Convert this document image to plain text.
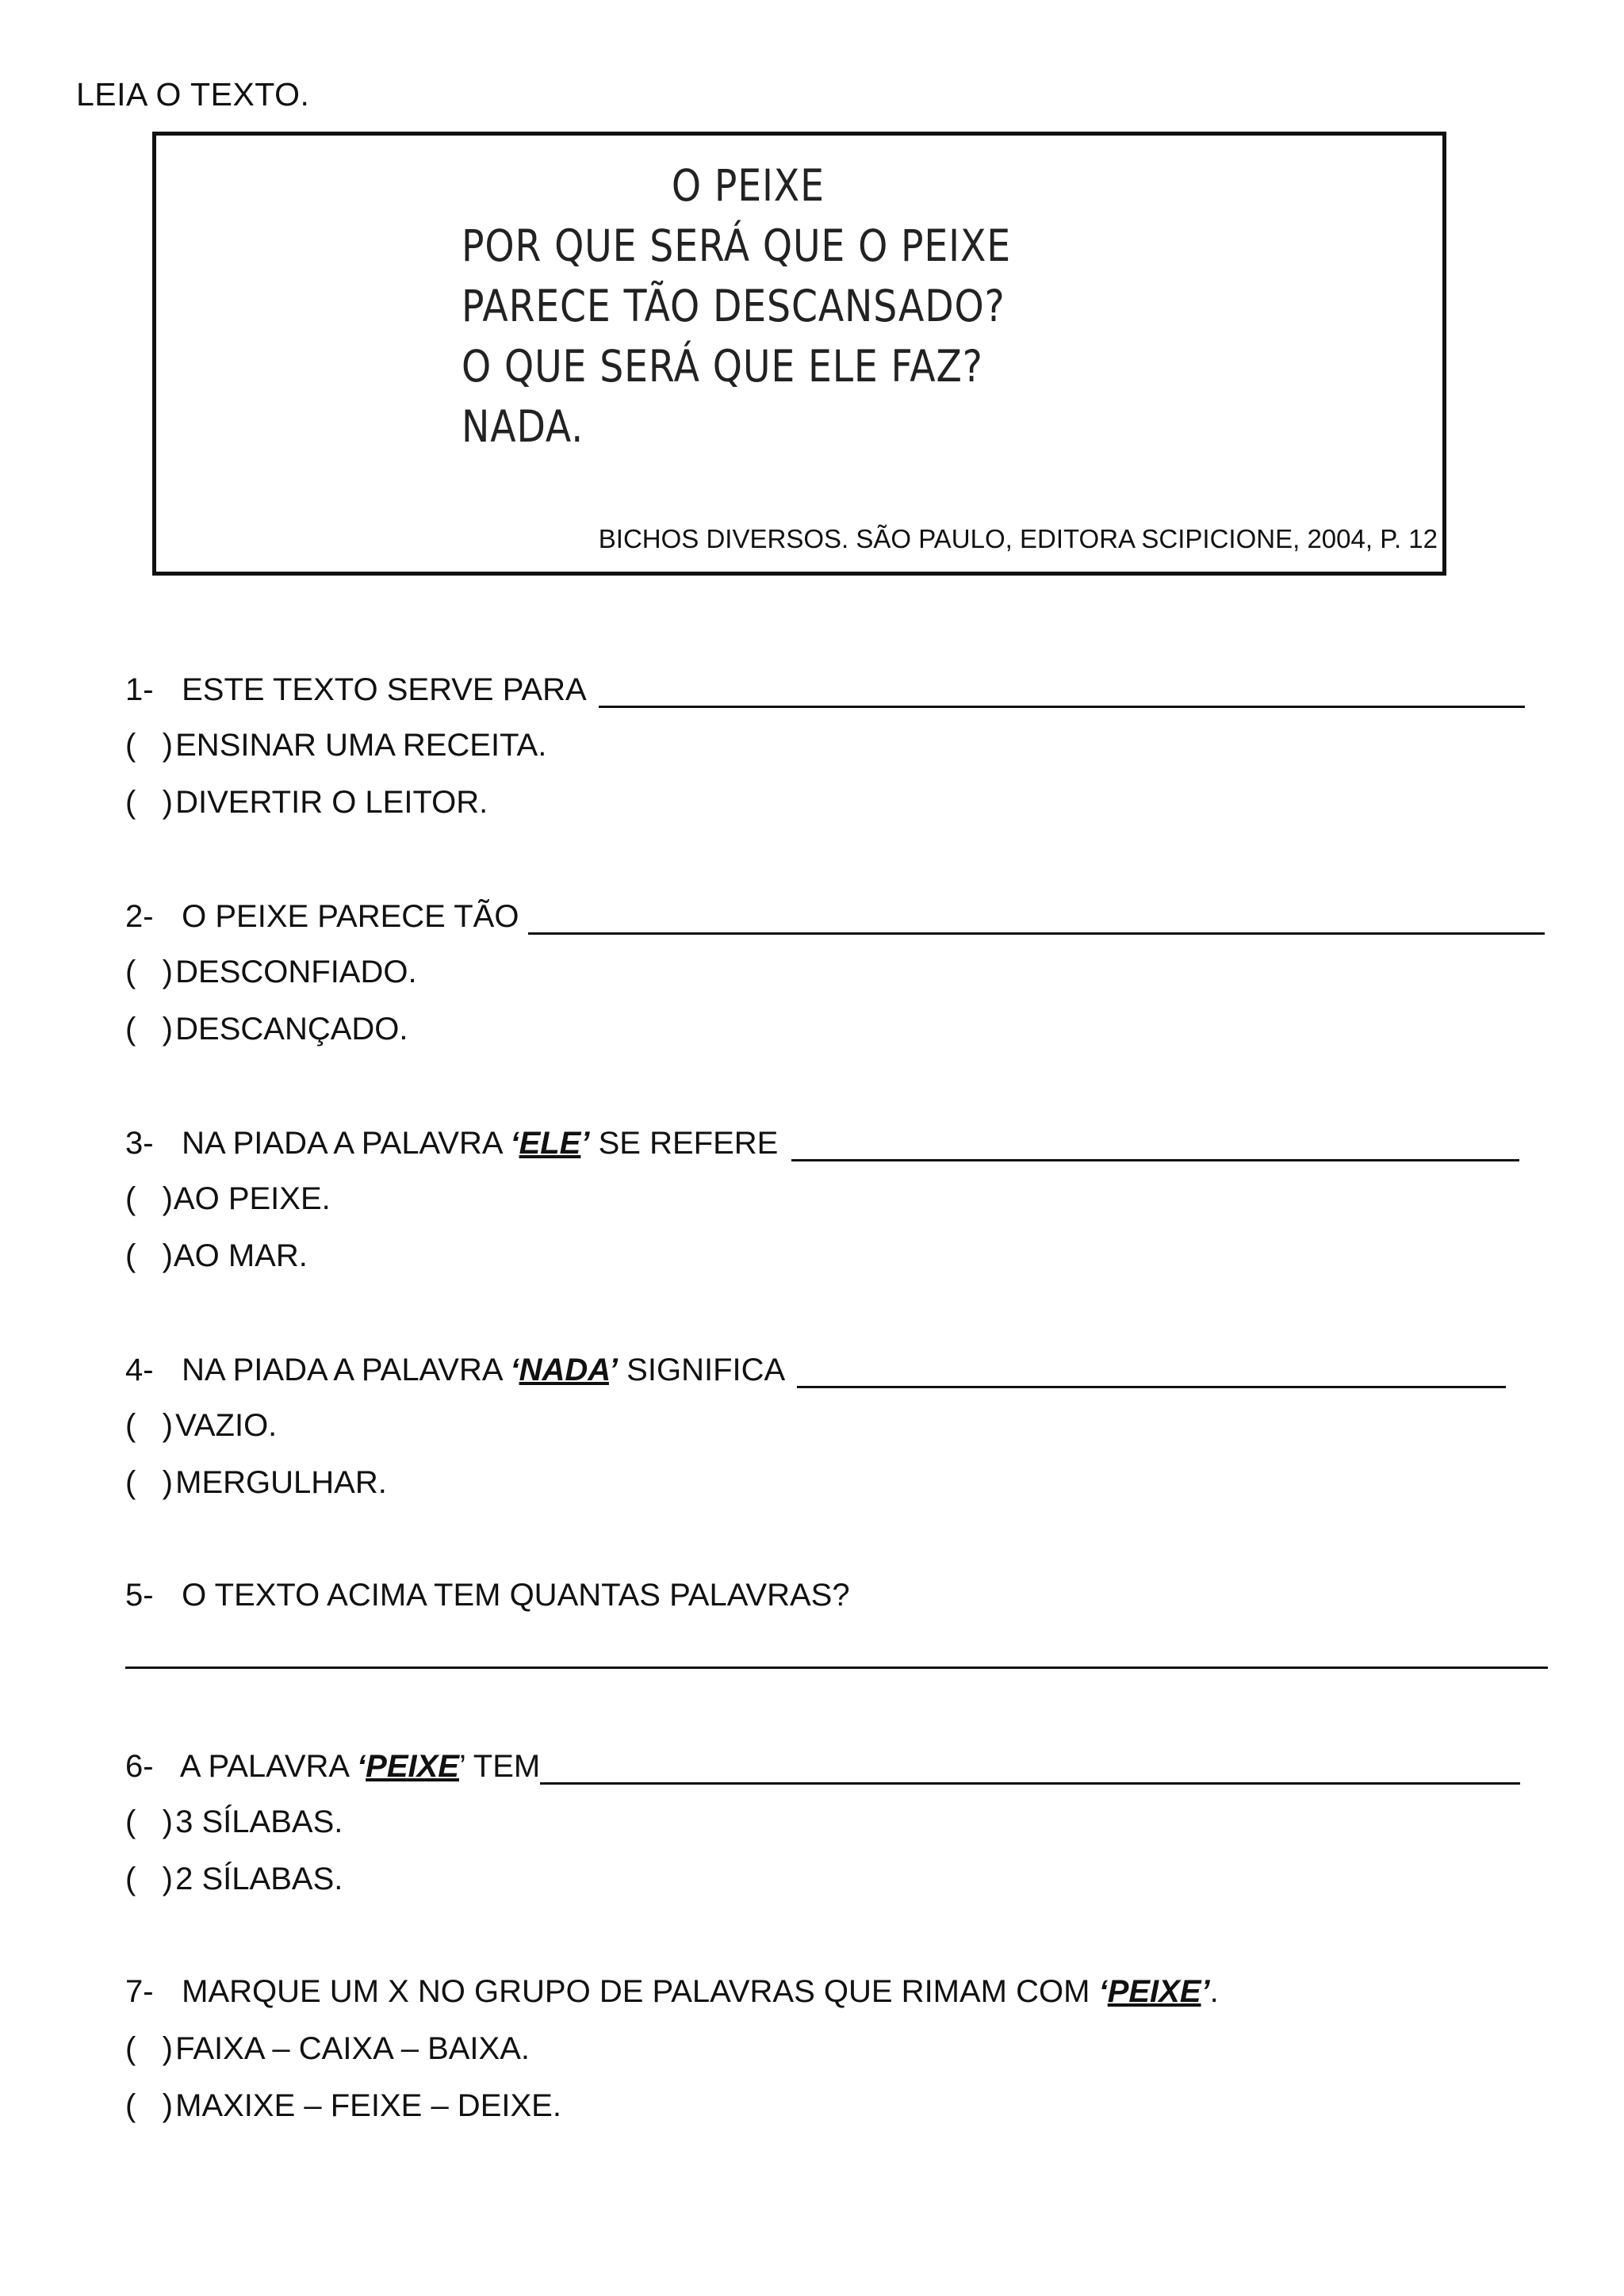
LEIA O TEXTO.
O PEIXE
POR QUE SERÁ QUE O PEIXE
PARECE TÃO DESCANSADO?
O QUE SERÁ QUE ELE FAZ?
NADA.
BICHOS DIVERSOS. SÃO PAULO, EDITORA SCIPICIONE, 2004, P. 12
1- ESTE TEXTO SERVE PARA
(   ) ENSINAR UMA RECEITA.
(   ) DIVERTIR O LEITOR.
2- O PEIXE PARECE TÃO
(   ) DESCONFIADO.
(   ) DESCANÇADO.
3- NA PIADA A PALAVRA ‘ELE’ SE REFERE
(   ) AO PEIXE.
(   ) AO MAR.
4- NA PIADA A PALAVRA ‘NADA’ SIGNIFICA
(   ) VAZIO.
(   ) MERGULHAR.
5- O TEXTO ACIMA TEM QUANTAS PALAVRAS?
6- A PALAVRA ‘PEIXE’ TEM
(   ) 3 SÍLABAS.
(   ) 2 SÍLABAS.
7- MARQUE UM X NO GRUPO DE PALAVRAS QUE RIMAM COM ‘PEIXE’.
(   ) FAIXA – CAIXA – BAIXA.
(   ) MAXIXE – FEIXE – DEIXE.
